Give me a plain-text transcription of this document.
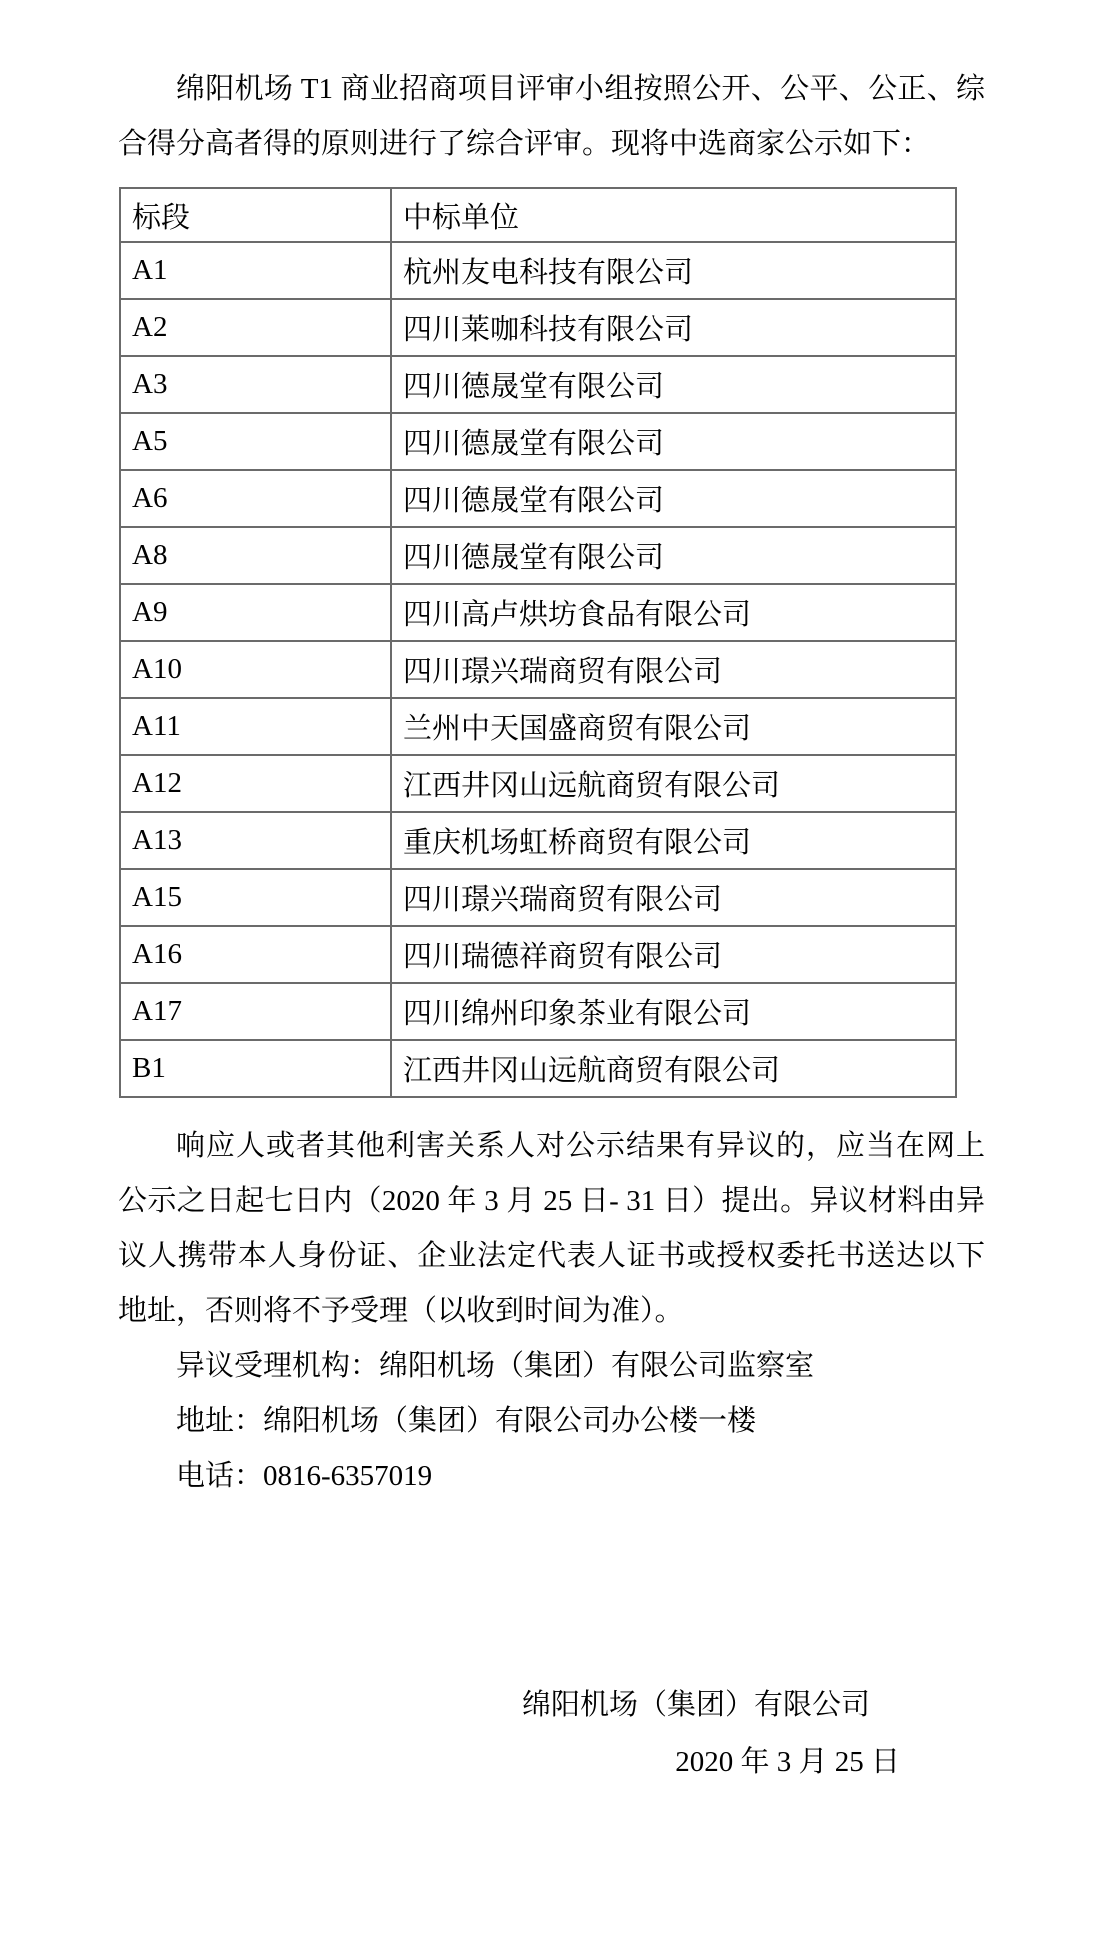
绵阳机场 T1 商业招商项目评审小组按照公开、公平、公正、综合得分高者得的原则进行了综合评审。现将中选商家公示如下：

标段	中标单位
A1	杭州友电科技有限公司
A2	四川莱咖科技有限公司
A3	四川德晟堂有限公司
A5	四川德晟堂有限公司
A6	四川德晟堂有限公司
A8	四川德晟堂有限公司
A9	四川高卢烘坊食品有限公司
A10	四川璟兴瑞商贸有限公司
A11	兰州中天国盛商贸有限公司
A12	江西井冈山远航商贸有限公司
A13	重庆机场虹桥商贸有限公司
A15	四川璟兴瑞商贸有限公司
A16	四川瑞德祥商贸有限公司
A17	四川绵州印象茶业有限公司
B1	江西井冈山远航商贸有限公司

响应人或者其他利害关系人对公示结果有异议的，应当在网上公示之日起七日内（2020 年 3 月 25 日- 31 日）提出。异议材料由异议人携带本人身份证、企业法定代表人证书或授权委托书送达以下地址，否则将不予受理（以收到时间为准）。

异议受理机构：绵阳机场（集团）有限公司监察室

地址：绵阳机场（集团）有限公司办公楼一楼

电话：0816-6357019

绵阳机场（集团）有限公司
2020 年 3 月 25 日
